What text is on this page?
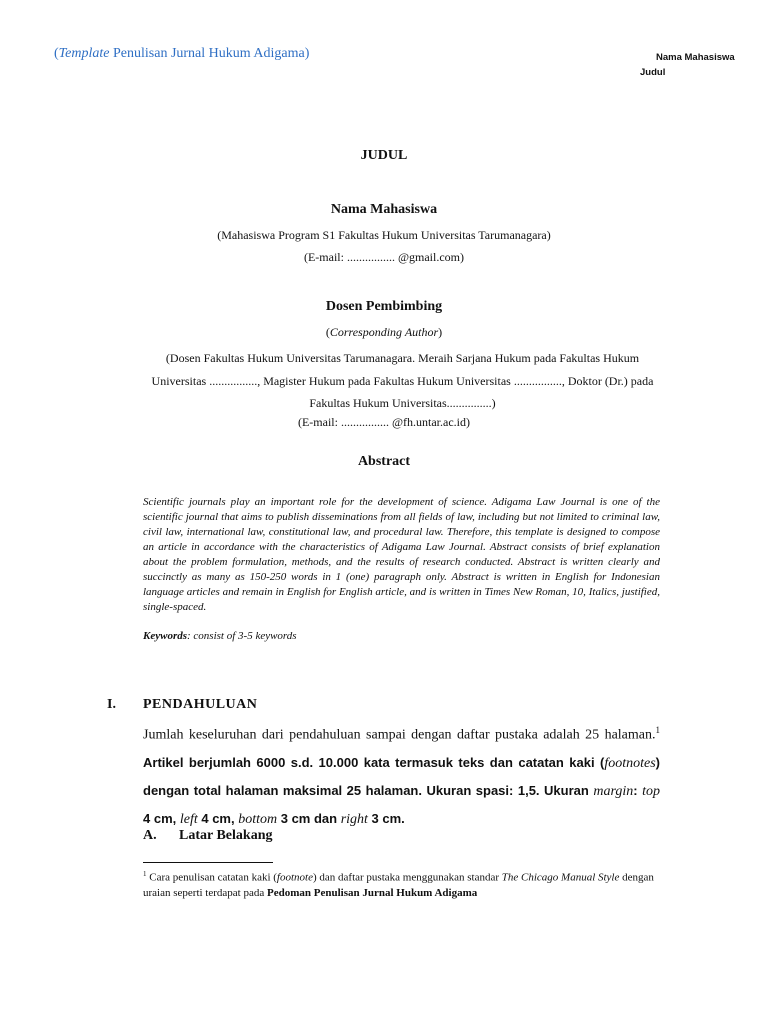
(Template Penulisan Jurnal Hukum Adigama)	Nama Mahasiswa
Judul
JUDUL
Nama Mahasiswa
(Mahasiswa Program S1 Fakultas Hukum Universitas Tarumanagara)
(E-mail: ................ @gmail.com)
Dosen Pembimbing
(Corresponding Author)
(Dosen Fakultas Hukum Universitas Tarumanagara. Meraih Sarjana Hukum pada Fakultas Hukum Universitas ................, Magister Hukum pada Fakultas Hukum Universitas ................, Doktor (Dr.) pada Fakultas Hukum Universitas...............)
(E-mail: ................ @fh.untar.ac.id)
Abstract
Scientific journals play an important role for the development of science. Adigama Law Journal is one of the scientific journal that aims to publish disseminations from all fields of law, including but not limited to criminal law, civil law, international law, constitutional law, and procedural law. Therefore, this template is designed to compose an article in accordance with the characteristics of Adigama Law Journal. Abstract consists of brief explanation about the problem formulation, methods, and the results of research conducted. Abstract is written clearly and succinctly as many as 150-250 words in 1 (one) paragraph only. Abstract is written in English for Indonesian language articles and remain in English for English article, and is written in Times New Roman, 10, Italics, justified, single-spaced.
Keywords: consist of 3-5 keywords
I. PENDAHULUAN
Jumlah keseluruhan dari pendahuluan sampai dengan daftar pustaka adalah 25 halaman.$^1$ Artikel berjumlah 6000 s.d. 10.000 kata termasuk teks dan catatan kaki (footnotes) dengan total halaman maksimal 25 halaman. Ukuran spasi: 1,5. Ukuran margin: top 4 cm, left 4 cm, bottom 3 cm dan right 3 cm.
A. Latar Belakang
$^1$ Cara penulisan catatan kaki (footnote) dan daftar pustaka menggunakan standar The Chicago Manual Style dengan uraian seperti terdapat pada Pedoman Penulisan Jurnal Hukum Adigama
